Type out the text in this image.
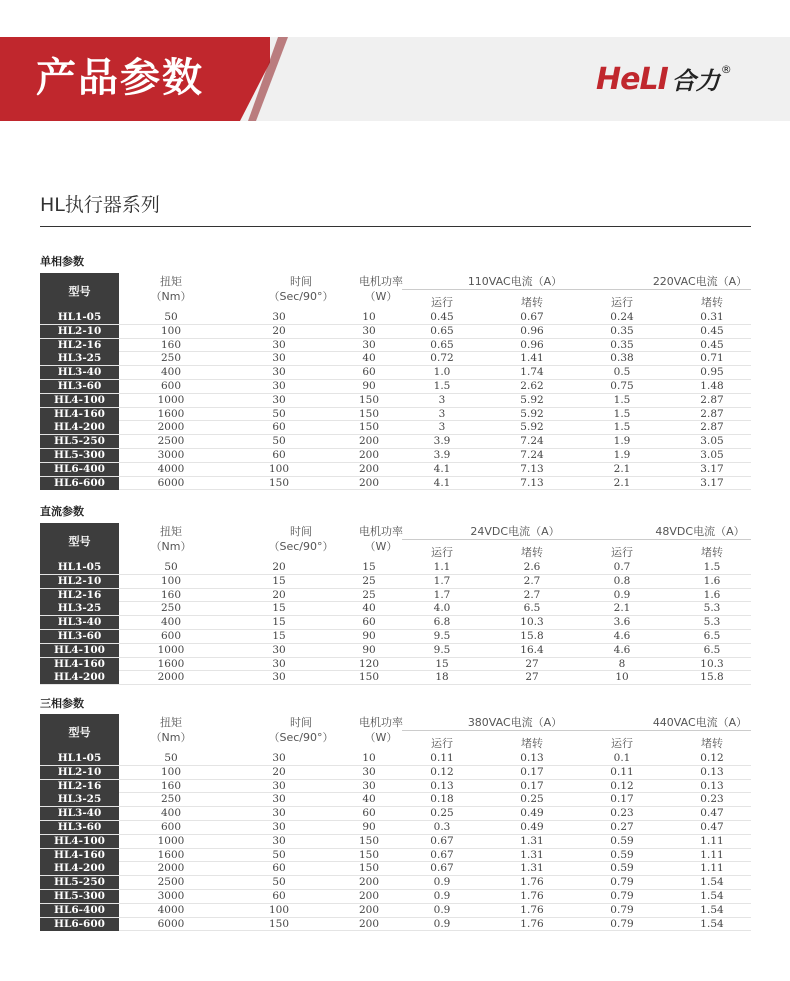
产品参数	HeLI 合力 ®
HL执行器系列
单相参数
型号
扭矩
（Nm）
时间
（Sec/90°）
电机功率
（W）
110VAC电流（A）	220VAC电流（A）
运行	堵转	运行	堵转
HL1-05	50	30	10	0.45	0.67	0.24	0.31
HL2-10	100	20	30	0.65	0.96	0.35	0.45
HL2-16	160	30	30	0.65	0.96	0.35	0.45
HL3-25	250	30	40	0.72	1.41	0.38	0.71
HL3-40	400	30	60	1.0	1.74	0.5	0.95
HL3-60	600	30	90	1.5	2.62	0.75	1.48
HL4-100	1000	30	150	3	5.92	1.5	2.87
HL4-160	1600	50	150	3	5.92	1.5	2.87
HL4-200	2000	60	150	3	5.92	1.5	2.87
HL5-250	2500	50	200	3.9	7.24	1.9	3.05
HL5-300	3000	60	200	3.9	7.24	1.9	3.05
HL6-400	4000	100	200	4.1	7.13	2.1	3.17
HL6-600	6000	150	200	4.1	7.13	2.1	3.17
直流参数
型号
扭矩
（Nm）
时间
（Sec/90°）
电机功率
（W）
24VDC电流（A）	48VDC电流（A）
运行	堵转	运行	堵转
HL1-05	50	20	15	1.1	2.6	0.7	1.5
HL2-10	100	15	25	1.7	2.7	0.8	1.6
HL2-16	160	20	25	1.7	2.7	0.9	1.6
HL3-25	250	15	40	4.0	6.5	2.1	5.3
HL3-40	400	15	60	6.8	10.3	3.6	5.3
HL3-60	600	15	90	9.5	15.8	4.6	6.5
HL4-100	1000	30	90	9.5	16.4	4.6	6.5
HL4-160	1600	30	120	15	27	8	10.3
HL4-200	2000	30	150	18	27	10	15.8
三相参数
型号
扭矩
（Nm）
时间
（Sec/90°）
电机功率
（W）
380VAC电流（A）	440VAC电流（A）
运行	堵转	运行	堵转
HL1-05	50	30	10	0.11	0.13	0.1	0.12
HL2-10	100	20	30	0.12	0.17	0.11	0.13
HL2-16	160	30	30	0.13	0.17	0.12	0.13
HL3-25	250	30	40	0.18	0.25	0.17	0.23
HL3-40	400	30	60	0.25	0.49	0.23	0.47
HL3-60	600	30	90	0.3	0.49	0.27	0.47
HL4-100	1000	30	150	0.67	1.31	0.59	1.11
HL4-160	1600	50	150	0.67	1.31	0.59	1.11
HL4-200	2000	60	150	0.67	1.31	0.59	1.11
HL5-250	2500	50	200	0.9	1.76	0.79	1.54
HL5-300	3000	60	200	0.9	1.76	0.79	1.54
HL6-400	4000	100	200	0.9	1.76	0.79	1.54
HL6-600	6000	150	200	0.9	1.76	0.79	1.54
